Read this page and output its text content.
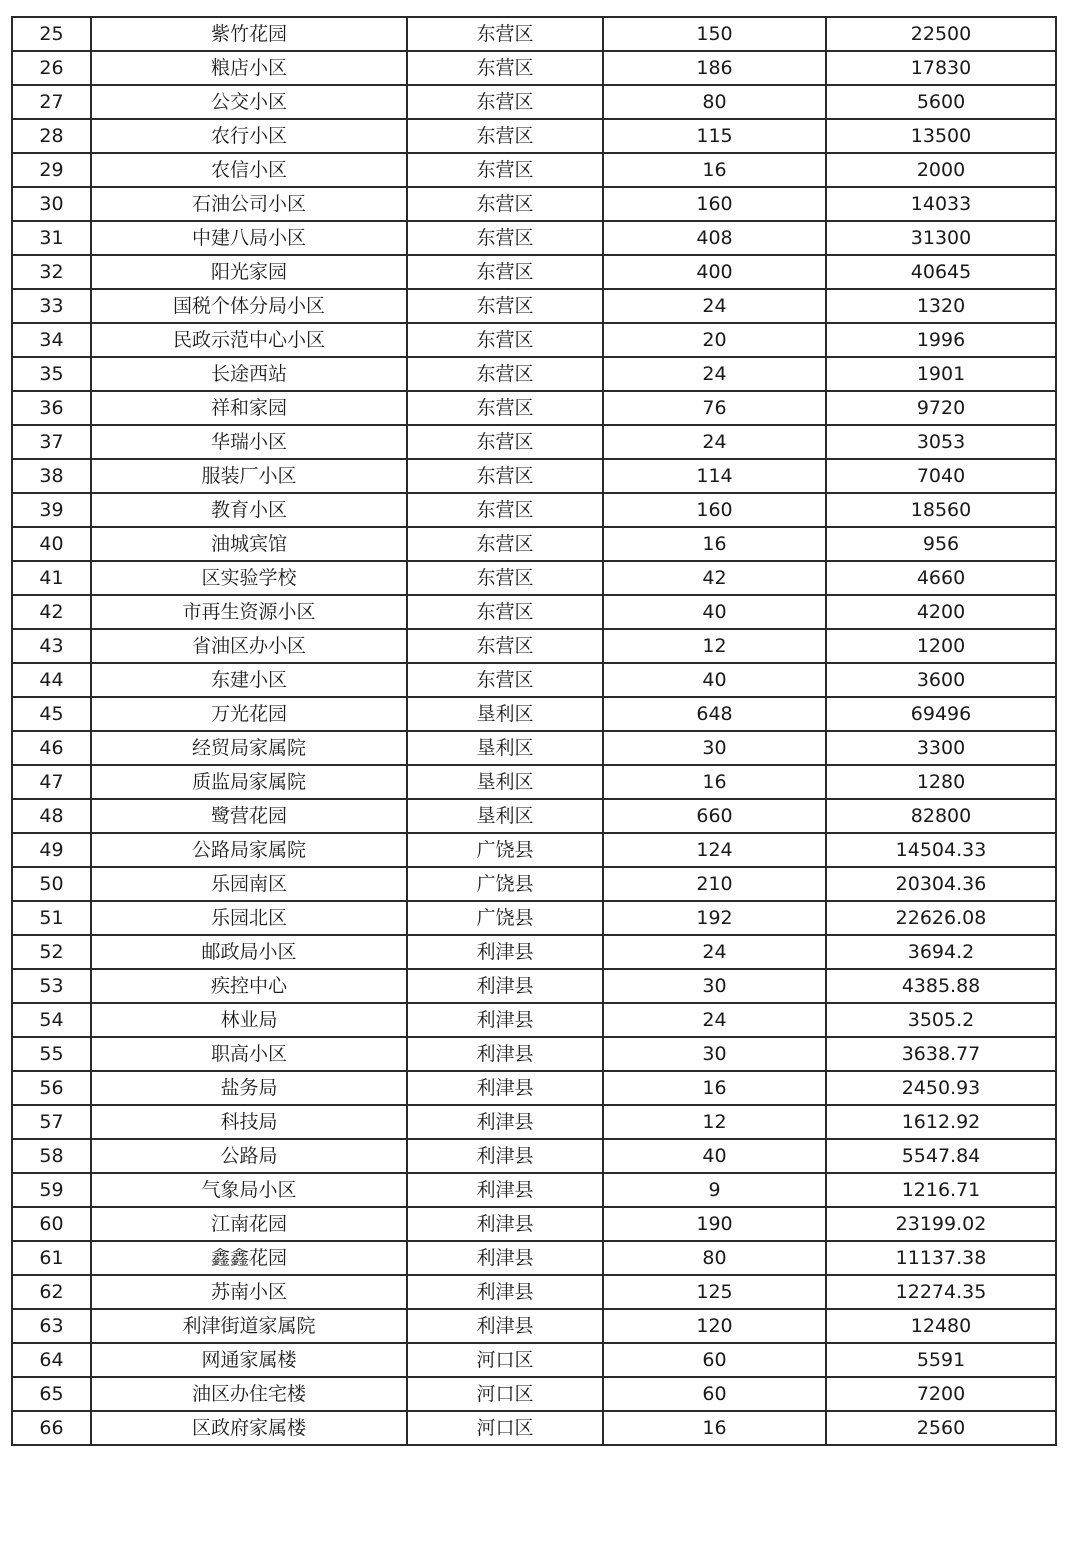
25	紫竹花园	东营区	150	22500
26	粮店小区	东营区	186	17830
27	公交小区	东营区	80	5600
28	农行小区	东营区	115	13500
29	农信小区	东营区	16	2000
30	石油公司小区	东营区	160	14033
31	中建八局小区	东营区	408	31300
32	阳光家园	东营区	400	40645
33	国税个体分局小区	东营区	24	1320
34	民政示范中心小区	东营区	20	1996
35	长途西站	东营区	24	1901
36	祥和家园	东营区	76	9720
37	华瑞小区	东营区	24	3053
38	服装厂小区	东营区	114	7040
39	教育小区	东营区	160	18560
40	油城宾馆	东营区	16	956
41	区实验学校	东营区	42	4660
42	市再生资源小区	东营区	40	4200
43	省油区办小区	东营区	12	1200
44	东建小区	东营区	40	3600
45	万光花园	垦利区	648	69496
46	经贸局家属院	垦利区	30	3300
47	质监局家属院	垦利区	16	1280
48	鹭营花园	垦利区	660	82800
49	公路局家属院	广饶县	124	14504.33
50	乐园南区	广饶县	210	20304.36
51	乐园北区	广饶县	192	22626.08
52	邮政局小区	利津县	24	3694.2
53	疾控中心	利津县	30	4385.88
54	林业局	利津县	24	3505.2
55	职高小区	利津县	30	3638.77
56	盐务局	利津县	16	2450.93
57	科技局	利津县	12	1612.92
58	公路局	利津县	40	5547.84
59	气象局小区	利津县	9	1216.71
60	江南花园	利津县	190	23199.02
61	鑫鑫花园	利津县	80	11137.38
62	苏南小区	利津县	125	12274.35
63	利津街道家属院	利津县	120	12480
64	网通家属楼	河口区	60	5591
65	油区办住宅楼	河口区	60	7200
66	区政府家属楼	河口区	16	2560
